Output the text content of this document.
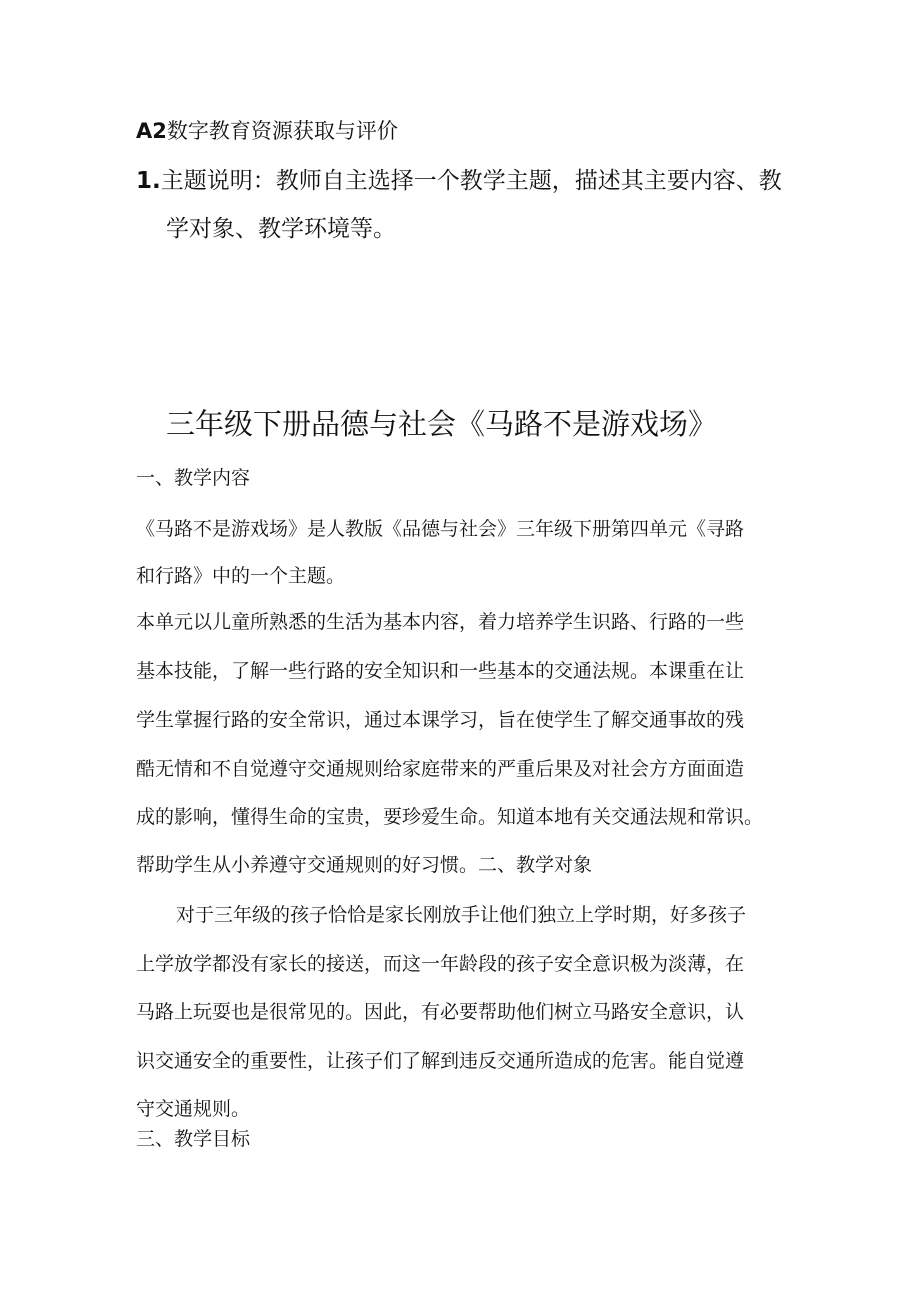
A2数字教育资源获取与评价
1.主题说明：教师自主选择一个教学主题，描述其主要内容、教
学对象、教学环境等。
三年级下册品德与社会《马路不是游戏场》
一、教学内容
《马路不是游戏场》是人教版《品德与社会》三年级下册第四单元《寻路
和行路》中的一个主题。
本单元以儿童所熟悉的生活为基本内容，着力培养学生识路、行路的一些
基本技能，了解一些行路的安全知识和一些基本的交通法规。本课重在让
学生掌握行路的安全常识，通过本课学习，旨在使学生了解交通事故的残
酷无情和不自觉遵守交通规则给家庭带来的严重后果及对社会方方面面造
成的影响，懂得生命的宝贵，要珍爱生命。知道本地有关交通法规和常识。
帮助学生从小养遵守交通规则的好习惯。二、教学对象
对于三年级的孩子恰恰是家长刚放手让他们独立上学时期，好多孩子
上学放学都没有家长的接送，而这一年龄段的孩子安全意识极为淡薄，在
马路上玩耍也是很常见的。因此，有必要帮助他们树立马路安全意识，认
识交通安全的重要性，让孩子们了解到违反交通所造成的危害。能自觉遵
守交通规则。
三、教学目标
